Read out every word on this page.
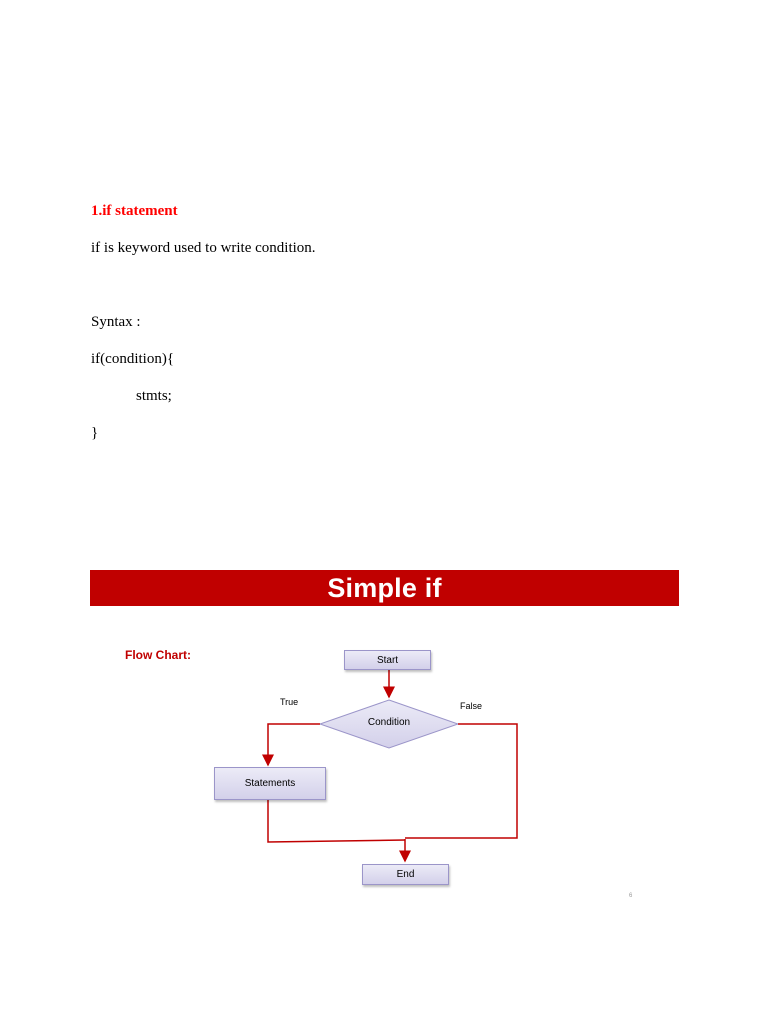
1.if statement
if is keyword used to write condition.
Syntax :
if(condition){
stmts;
}
Simple if
Flow Chart:	Start
Condition
Statements
End
True	False
6
